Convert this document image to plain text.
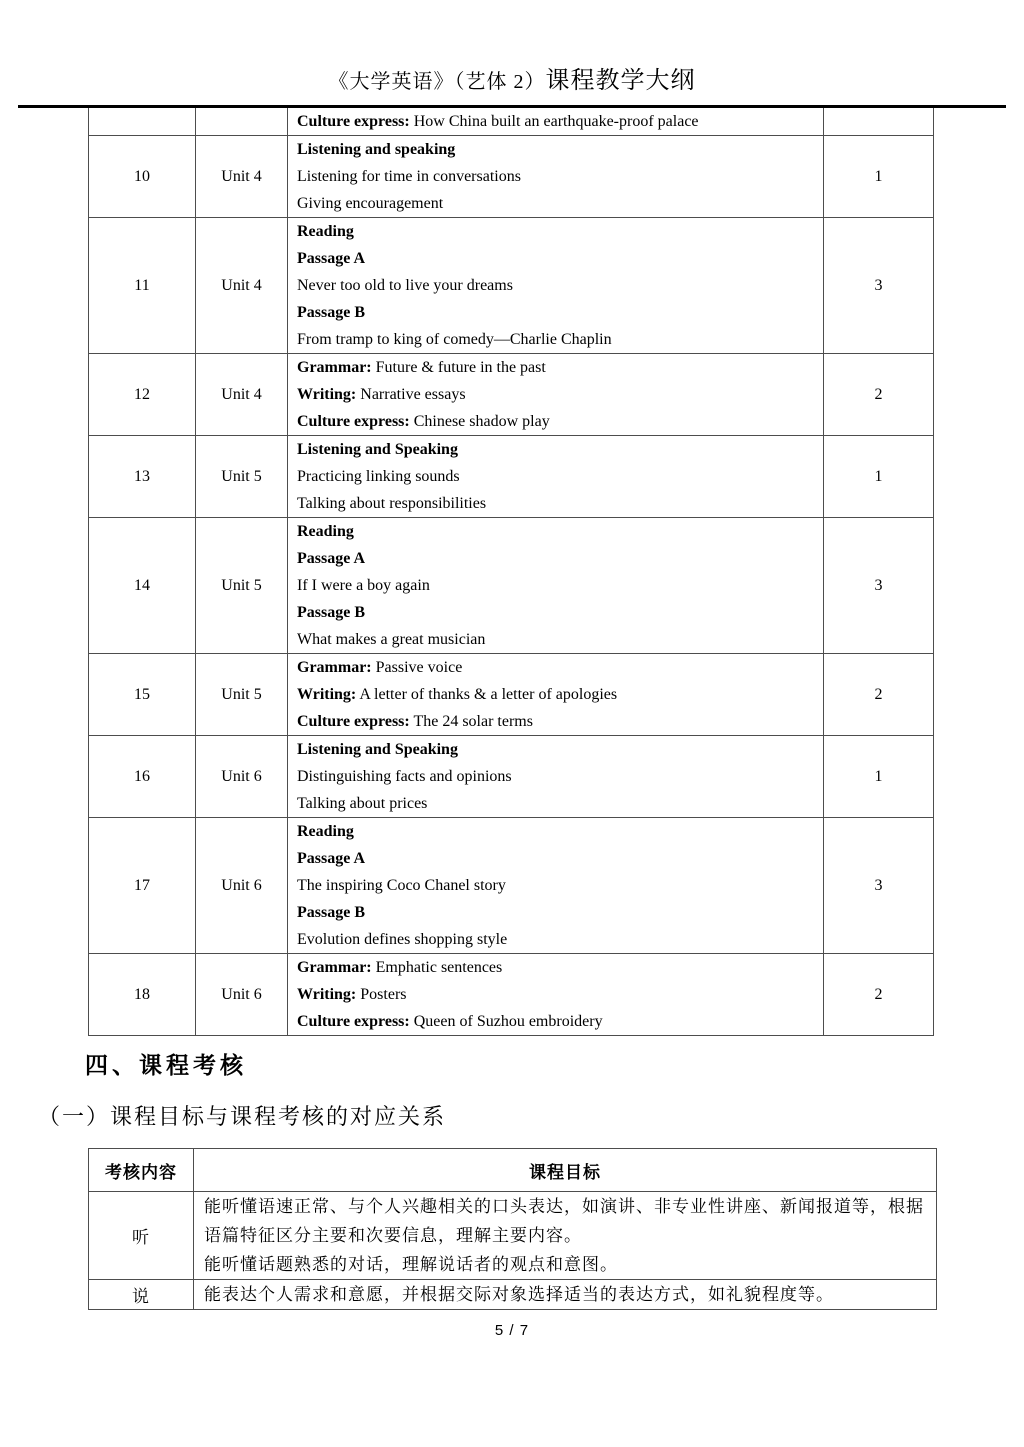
《大学英语》（艺体 2）课程教学大纲

		Culture express: How China built an earthquake-proof palace	

10	Unit 4	Listening and speaking
Listening for time in conversations
Giving encouragement	1
11	Unit 4	Reading
Passage A
Never too old to live your dreams
Passage B
From tramp to king of comedy—Charlie Chaplin	3
12	Unit 4	Grammar: Future & future in the past
Writing: Narrative essays
Culture express: Chinese shadow play	2
13	Unit 5	Listening and Speaking
Practicing linking sounds
Talking about responsibilities	1
14	Unit 5	Reading
Passage A
If I were a boy again
Passage B
What makes a great musician	3
15	Unit 5	Grammar: Passive voice
Writing: A letter of thanks & a letter of apologies
Culture express: The 24 solar terms	2
16	Unit 6	Listening and Speaking
Distinguishing facts and opinions
Talking about prices	1
17	Unit 6	Reading
Passage A
The inspiring Coco Chanel story
Passage B
Evolution defines shopping style	3
18	Unit 6	Grammar: Emphatic sentences
Writing: Posters
Culture express: Queen of Suzhou embroidery	2
四、课程考核
（一）课程目标与课程考核的对应关系
考核内容	课程目标
听	能听懂语速正常、与个人兴趣相关的口头表达，如演讲、非专业性讲座、新闻报道等，根据语篇特征区分主要和次要信息，理解主要内容。
能听懂话题熟悉的对话，理解说话者的观点和意图。

说	能表达个人需求和意愿，并根据交际对象选择适当的表达方式，如礼貌程度等。
5 / 7
